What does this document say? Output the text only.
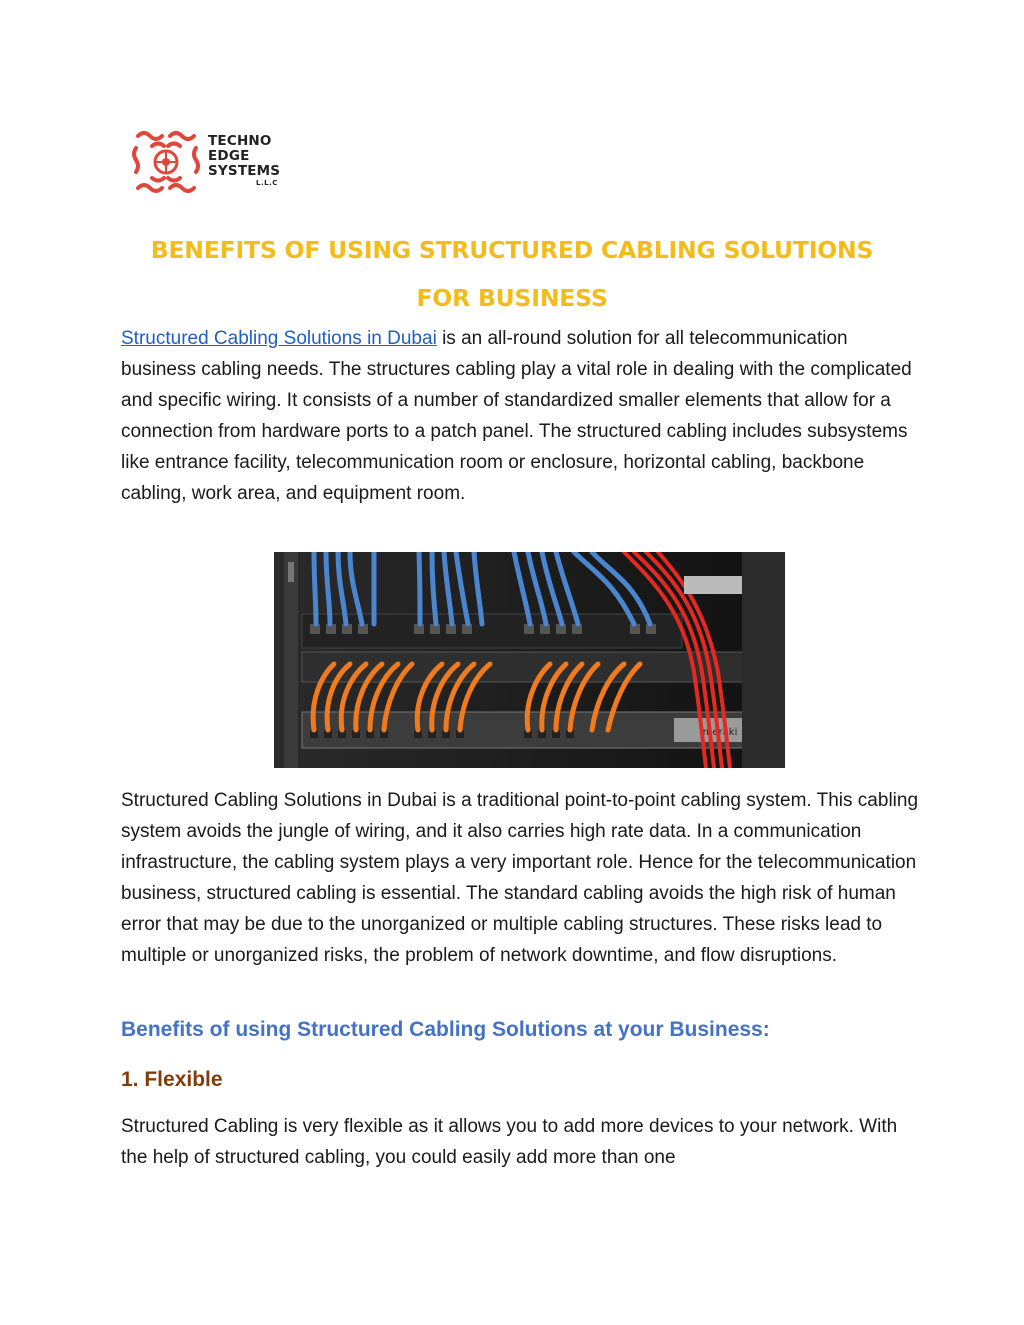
TECHNO
EDGE
SYSTEMS
L.L.C
BENEFITS OF USING STRUCTURED CABLING SOLUTIONS
FOR BUSINESS

Structured Cabling Solutions in Dubai is an all-round solution for all telecommunication business cabling needs. The structures cabling play a vital role in dealing with the complicated and specific wiring. It consists of a number of standardized smaller elements that allow for a connection from hardware ports to a patch panel. The structured cabling includes subsystems like entrance facility, telecommunication room or enclosure, horizontal cabling, backbone cabling, work area, and equipment room.

meraki

Structured Cabling Solutions in Dubai is a traditional point-to-point cabling system. This cabling system avoids the jungle of wiring, and it also carries high rate data. In a communication infrastructure, the cabling system plays a very important role. Hence for the telecommunication business, structured cabling is essential. The standard cabling avoids the high risk of human error that may be due to the unorganized or multiple cabling structures. These risks lead to multiple or unorganized risks, the problem of network downtime, and flow disruptions.

Benefits of using Structured Cabling Solutions at your Business:
1. Flexible

Structured Cabling is very flexible as it allows you to add more devices to your network. With the help of structured cabling, you could easily add more than one
